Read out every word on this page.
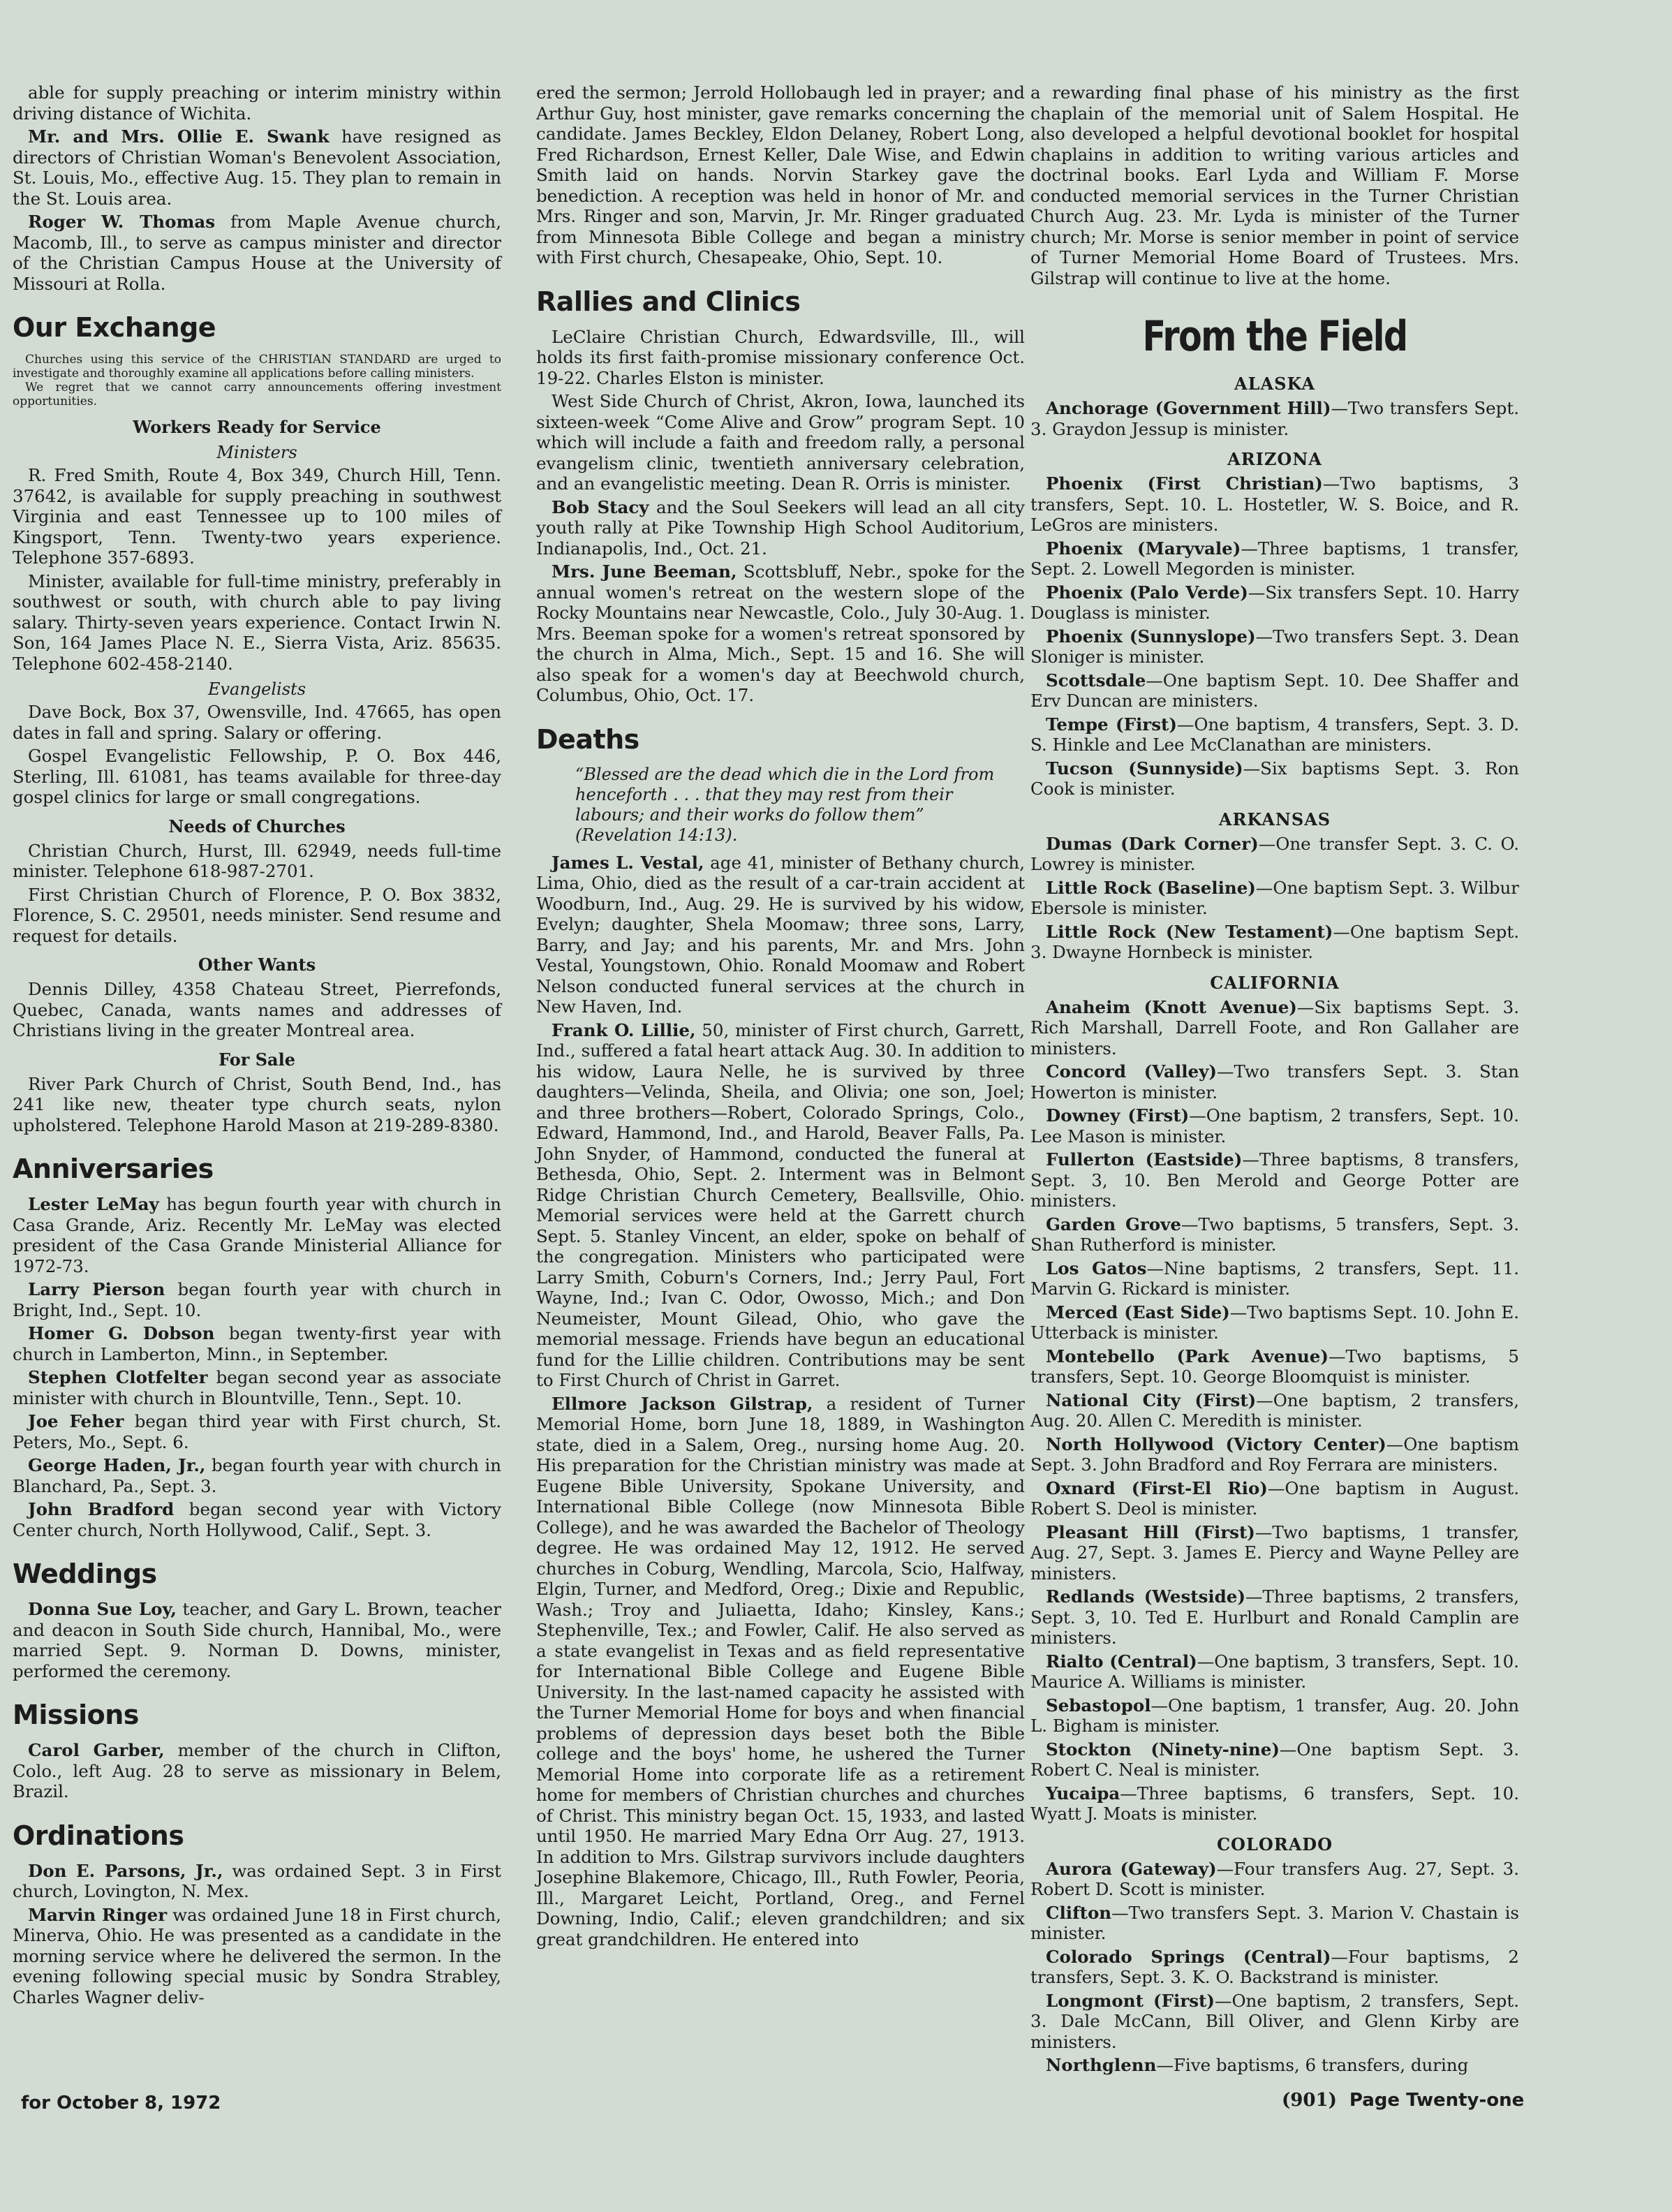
able for supply preaching or interim ministry within driving distance of Wichita.

Mr. and Mrs. Ollie E. Swank have resigned as directors of Christian Woman's Benevolent Association, St. Louis, Mo., effective Aug. 15. They plan to remain in the St. Louis area.

Roger W. Thomas from Maple Avenue church, Macomb, Ill., to serve as campus minister and director of the Christian Campus House at the University of Missouri at Rolla.

Our Exchange

Churches using this service of the CHRISTIAN STANDARD are urged to investigate and thoroughly examine all applications before calling ministers.

We regret that we cannot carry announcements offering investment opportunities.

Workers Ready for Service
Ministers

R. Fred Smith, Route 4, Box 349, Church Hill, Tenn. 37642, is available for supply preaching in southwest Virginia and east Tennessee up to 100 miles of Kingsport, Tenn. Twenty-two years experience. Telephone 357-6893.

Minister, available for full-time ministry, preferably in southwest or south, with church able to pay living salary. Thirty-seven years experience. Contact Irwin N. Son, 164 James Place N. E., Sierra Vista, Ariz. 85635. Telephone 602-458-2140.

Evangelists

Dave Bock, Box 37, Owensville, Ind. 47665, has open dates in fall and spring. Salary or offering.

Gospel Evangelistic Fellowship, P. O. Box 446, Sterling, Ill. 61081, has teams available for three-day gospel clinics for large or small congregations.

Needs of Churches

Christian Church, Hurst, Ill. 62949, needs full-time minister. Telephone 618-987-2701.

First Christian Church of Florence, P. O. Box 3832, Florence, S. C. 29501, needs minister. Send resume and request for details.

Other Wants

Dennis Dilley, 4358 Chateau Street, Pierrefonds, Quebec, Canada, wants names and addresses of Christians living in the greater Montreal area.

For Sale

River Park Church of Christ, South Bend, Ind., has 241 like new, theater type church seats, nylon upholstered. Telephone Harold Mason at 219-289-8380.

Anniversaries

Lester LeMay has begun fourth year with church in Casa Grande, Ariz. Recently Mr. LeMay was elected president of the Casa Grande Ministerial Alliance for 1972-73.

Larry Pierson began fourth year with church in Bright, Ind., Sept. 10.

Homer G. Dobson began twenty-first year with church in Lamberton, Minn., in September.

Stephen Clotfelter began second year as associate minister with church in Blountville, Tenn., Sept. 10.

Joe Feher began third year with First church, St. Peters, Mo., Sept. 6.

George Haden, Jr., began fourth year with church in Blanchard, Pa., Sept. 3.

John Bradford began second year with Victory Center church, North Hollywood, Calif., Sept. 3.

Weddings

Donna Sue Loy, teacher, and Gary L. Brown, teacher and deacon in South Side church, Hannibal, Mo., were married Sept. 9. Norman D. Downs, minister, performed the ceremony.

Missions

Carol Garber, member of the church in Clifton, Colo., left Aug. 28 to serve as missionary in Belem, Brazil.

Ordinations

Don E. Parsons, Jr., was ordained Sept. 3 in First church, Lovington, N. Mex.

Marvin Ringer was ordained June 18 in First church, Minerva, Ohio. He was presented as a candidate in the morning service where he delivered the sermon. In the evening following special music by Sondra Strabley, Charles Wagner deliv-

ered the sermon; Jerrold Hollobaugh led in prayer; and Arthur Guy, host minister, gave remarks concerning the candidate. James Beckley, Eldon Delaney, Robert Long, Fred Richardson, Ernest Keller, Dale Wise, and Edwin Smith laid on hands. Norvin Starkey gave the benediction. A reception was held in honor of Mr. and Mrs. Ringer and son, Marvin, Jr. Mr. Ringer graduated from Minnesota Bible College and began a ministry with First church, Chesapeake, Ohio, Sept. 10.

Rallies and Clinics

LeClaire Christian Church, Edwardsville, Ill., will holds its first faith-promise missionary conference Oct. 19-22. Charles Elston is minister.

West Side Church of Christ, Akron, Iowa, launched its sixteen-week “Come Alive and Grow” program Sept. 10 which will include a faith and freedom rally, a personal evangelism clinic, twentieth anniversary celebration, and an evangelistic meeting. Dean R. Orris is minister.

Bob Stacy and the Soul Seekers will lead an all city youth rally at Pike Township High School Auditorium, Indianapolis, Ind., Oct. 21.

Mrs. June Beeman, Scottsbluff, Nebr., spoke for the annual women's retreat on the western slope of the Rocky Mountains near Newcastle, Colo., July 30-Aug. 1. Mrs. Beeman spoke for a women's retreat sponsored by the church in Alma, Mich., Sept. 15 and 16. She will also speak for a women's day at Beechwold church, Columbus, Ohio, Oct. 17.

Deaths
“Blessed are the dead which die in the Lord from henceforth . . . that they may rest from their labours; and their works do follow them” (Revelation 14:13).

James L. Vestal, age 41, minister of Bethany church, Lima, Ohio, died as the result of a car-train accident at Woodburn, Ind., Aug. 29. He is survived by his widow, Evelyn; daughter, Shela Moomaw; three sons, Larry, Barry, and Jay; and his parents, Mr. and Mrs. John Vestal, Youngstown, Ohio. Ronald Moomaw and Robert Nelson conducted funeral services at the church in New Haven, Ind.

Frank O. Lillie, 50, minister of First church, Garrett, Ind., suffered a fatal heart attack Aug. 30. In addition to his widow, Laura Nelle, he is survived by three daughters—Velinda, Sheila, and Olivia; one son, Joel; and three brothers—Robert, Colorado Springs, Colo., Edward, Hammond, Ind., and Harold, Beaver Falls, Pa. John Snyder, of Hammond, conducted the funeral at Bethesda, Ohio, Sept. 2. Interment was in Belmont Ridge Christian Church Cemetery, Beallsville, Ohio. Memorial services were held at the Garrett church Sept. 5. Stanley Vincent, an elder, spoke on behalf of the congregation. Ministers who participated were Larry Smith, Coburn's Corners, Ind.; Jerry Paul, Fort Wayne, Ind.; Ivan C. Odor, Owosso, Mich.; and Don Neumeister, Mount Gilead, Ohio, who gave the memorial message. Friends have begun an educational fund for the Lillie children. Contributions may be sent to First Church of Christ in Garret.

Ellmore Jackson Gilstrap, a resident of Turner Memorial Home, born June 18, 1889, in Washington state, died in a Salem, Oreg., nursing home Aug. 20. His preparation for the Christian ministry was made at Eugene Bible University, Spokane University, and International Bible College (now Minnesota Bible College), and he was awarded the Bachelor of Theology degree. He was ordained May 12, 1912. He served churches in Coburg, Wendling, Marcola, Scio, Halfway, Elgin, Turner, and Medford, Oreg.; Dixie and Republic, Wash.; Troy and Juliaetta, Idaho; Kinsley, Kans.; Stephenville, Tex.; and Fowler, Calif. He also served as a state evangelist in Texas and as field representative for International Bible College and Eugene Bible University. In the last-named capacity he assisted with the Turner Memorial Home for boys and when financial problems of depression days beset both the Bible college and the boys' home, he ushered the Turner Memorial Home into corporate life as a retirement home for members of Christian churches and churches of Christ. This ministry began Oct. 15, 1933, and lasted until 1950. He married Mary Edna Orr Aug. 27, 1913. In addition to Mrs. Gilstrap survivors include daughters Josephine Blakemore, Chicago, Ill., Ruth Fowler, Peoria, Ill., Margaret Leicht, Portland, Oreg., and Fernel Downing, Indio, Calif.; eleven grandchildren; and six great grandchildren. He entered into

a rewarding final phase of his ministry as the first chaplain of the memorial unit of Salem Hospital. He also developed a helpful devotional booklet for hospital chaplains in addition to writing various articles and doctrinal books. Earl Lyda and William F. Morse conducted memorial services in the Turner Christian Church Aug. 23. Mr. Lyda is minister of the Turner church; Mr. Morse is senior member in point of service of Turner Memorial Home Board of Trustees. Mrs. Gilstrap will continue to live at the home.

From the Field
ALASKA

Anchorage (Government Hill)—Two transfers Sept. 3. Graydon Jessup is minister.

ARIZONA

Phoenix (First Christian)—Two baptisms, 3 transfers, Sept. 10. L. Hostetler, W. S. Boice, and R. LeGros are ministers.

Phoenix (Maryvale)—Three baptisms, 1 transfer, Sept. 2. Lowell Megorden is minister.

Phoenix (Palo Verde)—Six transfers Sept. 10. Harry Douglass is minister.

Phoenix (Sunnyslope)—Two transfers Sept. 3. Dean Sloniger is minister.

Scottsdale—One baptism Sept. 10. Dee Shaffer and Erv Duncan are ministers.

Tempe (First)—One baptism, 4 transfers, Sept. 3. D. S. Hinkle and Lee McClanathan are ministers.

Tucson (Sunnyside)—Six baptisms Sept. 3. Ron Cook is minister.

ARKANSAS

Dumas (Dark Corner)—One transfer Sept. 3. C. O. Lowrey is minister.

Little Rock (Baseline)—One baptism Sept. 3. Wilbur Ebersole is minister.

Little Rock (New Testament)—One baptism Sept. 3. Dwayne Hornbeck is minister.

CALIFORNIA

Anaheim (Knott Avenue)—Six baptisms Sept. 3. Rich Marshall, Darrell Foote, and Ron Gallaher are ministers.

Concord (Valley)—Two transfers Sept. 3. Stan Howerton is minister.

Downey (First)—One baptism, 2 transfers, Sept. 10. Lee Mason is minister.

Fullerton (Eastside)—Three baptisms, 8 transfers, Sept. 3, 10. Ben Merold and George Potter are ministers.

Garden Grove—Two baptisms, 5 transfers, Sept. 3. Shan Rutherford is minister.

Los Gatos—Nine baptisms, 2 transfers, Sept. 11. Marvin G. Rickard is minister.

Merced (East Side)—Two baptisms Sept. 10. John E. Utterback is minister.

Montebello (Park Avenue)—Two baptisms, 5 transfers, Sept. 10. George Bloomquist is minister.

National City (First)—One baptism, 2 transfers, Aug. 20. Allen C. Meredith is minister.

North Hollywood (Victory Center)—One baptism Sept. 3. John Bradford and Roy Ferrara are ministers.

Oxnard (First-El Rio)—One baptism in August. Robert S. Deol is minister.

Pleasant Hill (First)—Two baptisms, 1 transfer, Aug. 27, Sept. 3. James E. Piercy and Wayne Pelley are ministers.

Redlands (Westside)—Three baptisms, 2 transfers, Sept. 3, 10. Ted E. Hurlburt and Ronald Camplin are ministers.

Rialto (Central)—One baptism, 3 transfers, Sept. 10. Maurice A. Williams is minister.

Sebastopol—One baptism, 1 transfer, Aug. 20. John L. Bigham is minister.

Stockton (Ninety-nine)—One baptism Sept. 3. Robert C. Neal is minister.

Yucaipa—Three baptisms, 6 transfers, Sept. 10. Wyatt J. Moats is minister.

COLORADO

Aurora (Gateway)—Four transfers Aug. 27, Sept. 3. Robert D. Scott is minister.

Clifton—Two transfers Sept. 3. Marion V. Chastain is minister.

Colorado Springs (Central)—Four baptisms, 2 transfers, Sept. 3. K. O. Backstrand is minister.

Longmont (First)—One baptism, 2 transfers, Sept. 3. Dale McCann, Bill Oliver, and Glenn Kirby are ministers.

Northglenn—Five baptisms, 6 transfers, during

for October 8, 1972	(901) Page Twenty-one
